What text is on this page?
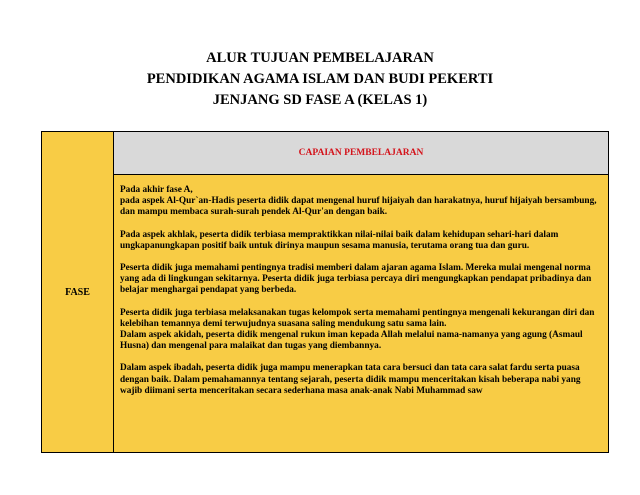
ALUR TUJUAN PEMBELAJARAN
PENDIDIKAN AGAMA ISLAM DAN BUDI PEKERTI
JENJANG SD FASE A (KELAS 1)
FASE
CAPAIAN PEMBELAJARAN
Pada akhir fase A,
pada aspek Al-Qur`an-Hadis peserta didik dapat mengenal huruf hijaiyah dan harakatnya, huruf hijaiyah bersambung, dan mampu membaca surah-surah pendek Al-Qur'an dengan baik.
Pada aspek akhlak, peserta didik terbiasa mempraktikkan nilai-nilai baik dalam kehidupan sehari-hari dalam ungkapanungkapan positif baik untuk dirinya maupun sesama manusia, terutama orang tua dan guru.
Peserta didik juga memahami pentingnya tradisi memberi dalam ajaran agama Islam. Mereka mulai mengenal norma yang ada di lingkungan sekitarnya. Peserta didik juga terbiasa percaya diri mengungkapkan pendapat pribadinya dan belajar menghargai pendapat yang berbeda.
Peserta didik juga terbiasa melaksanakan tugas kelompok serta memahami pentingnya mengenali kekurangan diri dan kelebihan temannya demi terwujudnya suasana saling mendukung satu sama lain.
Dalam aspek akidah, peserta didik mengenal rukun iman kepada Allah melalui nama-namanya yang agung (Asmaul Husna) dan mengenal para malaikat dan tugas yang diembannya.
Dalam aspek ibadah, peserta didik juga mampu menerapkan tata cara bersuci dan tata cara salat fardu serta puasa dengan baik. Dalam pemahamannya tentang sejarah, peserta didik mampu menceritakan kisah beberapa nabi yang wajib diimani serta menceritakan secara sederhana masa anak-anak Nabi Muhammad saw
